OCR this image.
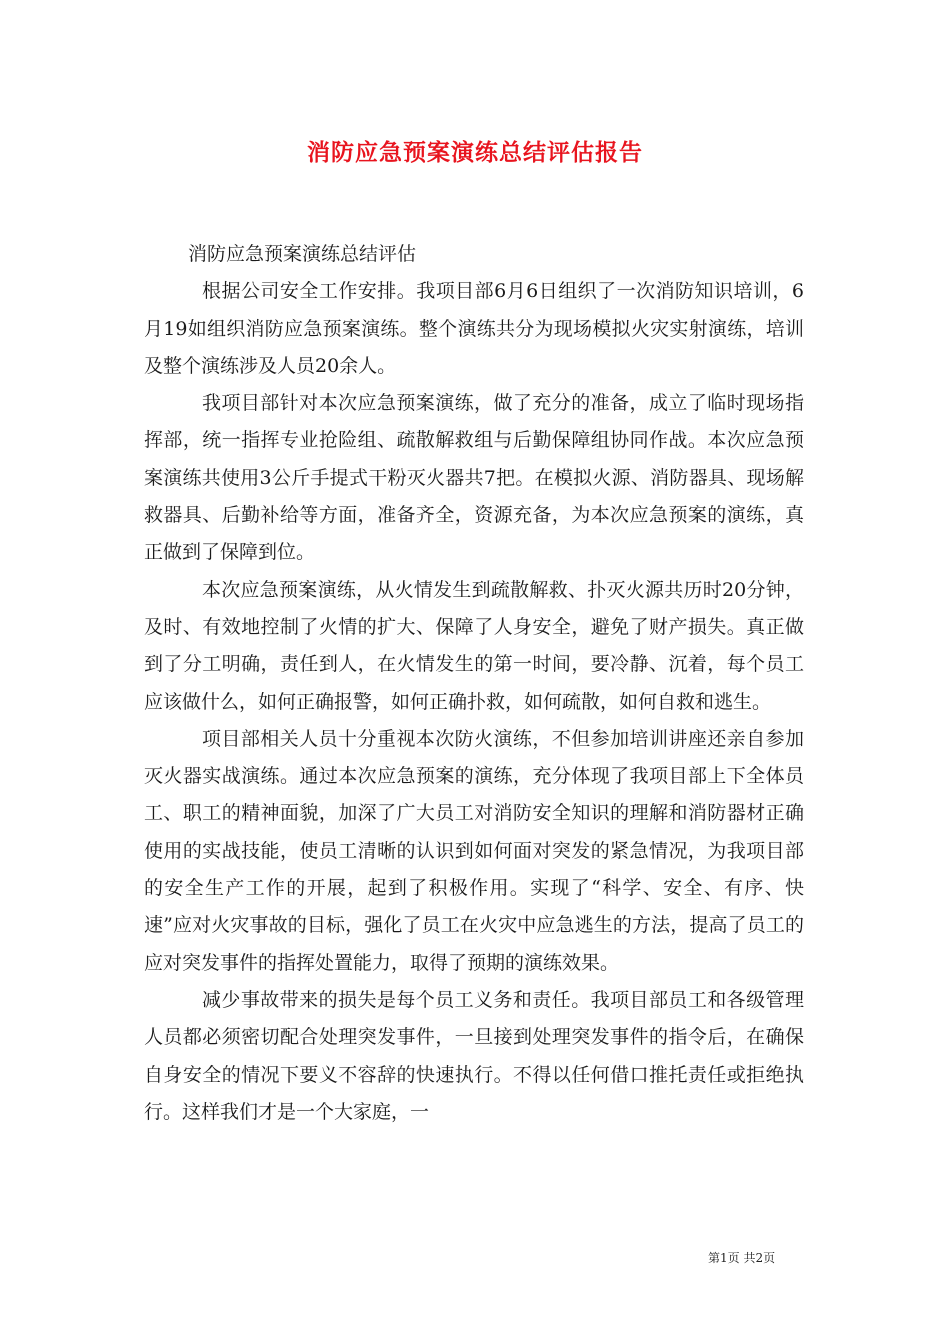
消防应急预案演练总结评估报告

消防应急预案演练总结评估

根据公司安全工作安排。我项目部6月6日组织了一次消防知识培训，6月19如组织消防应急预案演练。整个演练共分为现场模拟火灾实射演练，培训及整个演练涉及人员20余人。

我项目部针对本次应急预案演练，做了充分的准备，成立了临时现场指挥部，统一指挥专业抢险组、疏散解救组与后勤保障组协同作战。本次应急预案演练共使用3公斤手提式干粉灭火器共7把。在模拟火源、消防器具、现场解救器具、后勤补给等方面，准备齐全，资源充备，为本次应急预案的演练，真正做到了保障到位。

本次应急预案演练，从火情发生到疏散解救、扑灭火源共历时20分钟，及时、有效地控制了火情的扩大、保障了人身安全，避免了财产损失。真正做到了分工明确，责任到人，在火情发生的第一时间，要冷静、沉着，每个员工应该做什么，如何正确报警，如何正确扑救，如何疏散，如何自救和逃生。

项目部相关人员十分重视本次防火演练，不但参加培训讲座还亲自参加灭火器实战演练。通过本次应急预案的演练，充分体现了我项目部上下全体员工、职工的精神面貌，加深了广大员工对消防安全知识的理解和消防器材正确使用的实战技能，使员工清晰的认识到如何面对突发的紧急情况，为我项目部的安全生产工作的开展，起到了积极作用。实现了“科学、安全、有序、快速”应对火灾事故的目标，强化了员工在火灾中应急逃生的方法，提高了员工的应对突发事件的指挥处置能力，取得了预期的演练效果。

减少事故带来的损失是每个员工义务和责任。我项目部员工和各级管理人员都必须密切配合处理突发事件，一旦接到处理突发事件的指令后，在确保自身安全的情况下要义不容辞的快速执行。不得以任何借口推托责任或拒绝执行。这样我们才是一个大家庭，一

第1页 共2页
